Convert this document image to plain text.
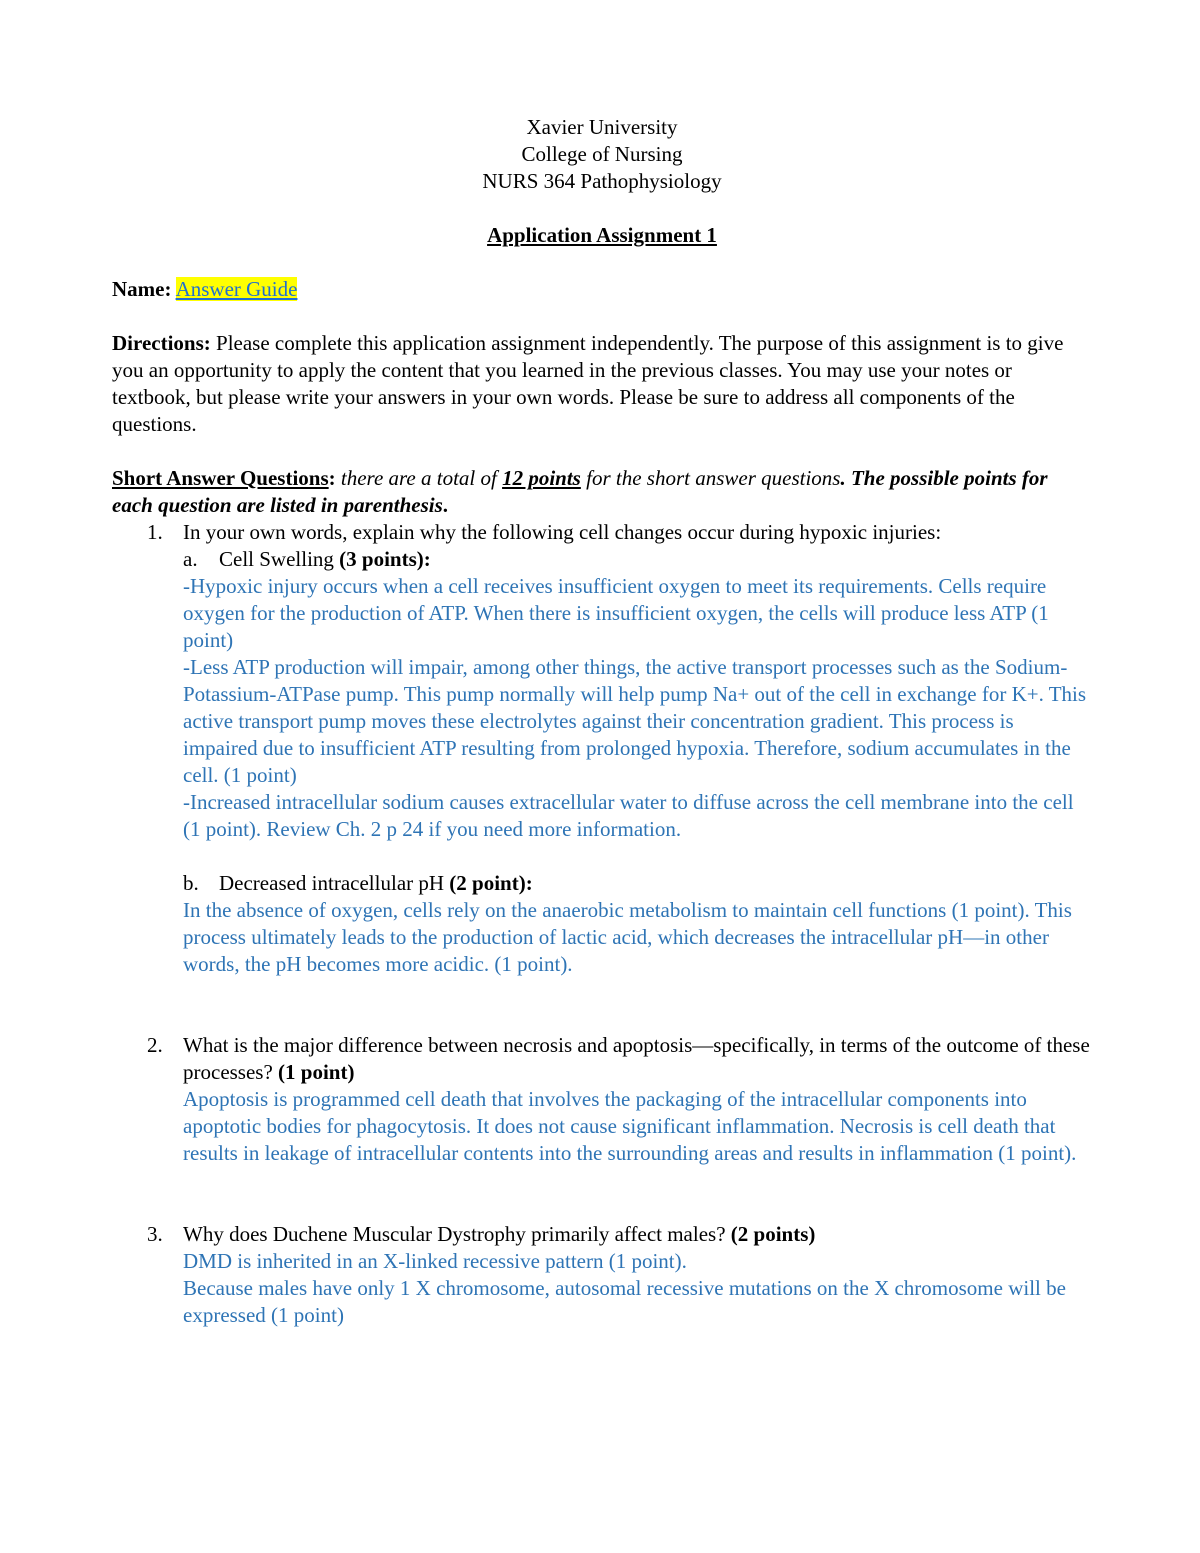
Xavier University
College of Nursing
NURS 364 Pathophysiology
Application Assignment 1
Name: Answer Guide
Directions: Please complete this application assignment independently. The purpose of this assignment is to give you an opportunity to apply the content that you learned in the previous classes. You may use your notes or textbook, but please write your answers in your own words. Please be sure to address all components of the questions.
Short Answer Questions: there are a total of 12 points for the short answer questions. The possible points for each question are listed in parenthesis.
1. In your own words, explain why the following cell changes occur during hypoxic injuries:
a. Cell Swelling (3 points):
-Hypoxic injury occurs when a cell receives insufficient oxygen to meet its requirements. Cells require oxygen for the production of ATP. When there is insufficient oxygen, the cells will produce less ATP (1 point)
-Less ATP production will impair, among other things, the active transport processes such as the Sodium-Potassium-ATPase pump. This pump normally will help pump Na+ out of the cell in exchange for K+. This active transport pump moves these electrolytes against their concentration gradient. This process is impaired due to insufficient ATP resulting from prolonged hypoxia. Therefore, sodium accumulates in the cell. (1 point)
-Increased intracellular sodium causes extracellular water to diffuse across the cell membrane into the cell (1 point). Review Ch. 2 p 24 if you need more information.
b. Decreased intracellular pH (2 point):
In the absence of oxygen, cells rely on the anaerobic metabolism to maintain cell functions (1 point). This process ultimately leads to the production of lactic acid, which decreases the intracellular pH—in other words, the pH becomes more acidic. (1 point).
2. What is the major difference between necrosis and apoptosis—specifically, in terms of the outcome of these processes? (1 point)
Apoptosis is programmed cell death that involves the packaging of the intracellular components into apoptotic bodies for phagocytosis. It does not cause significant inflammation. Necrosis is cell death that results in leakage of intracellular contents into the surrounding areas and results in inflammation (1 point).
3. Why does Duchene Muscular Dystrophy primarily affect males? (2 points)
DMD is inherited in an X-linked recessive pattern (1 point).
Because males have only 1 X chromosome, autosomal recessive mutations on the X chromosome will be expressed (1 point)
